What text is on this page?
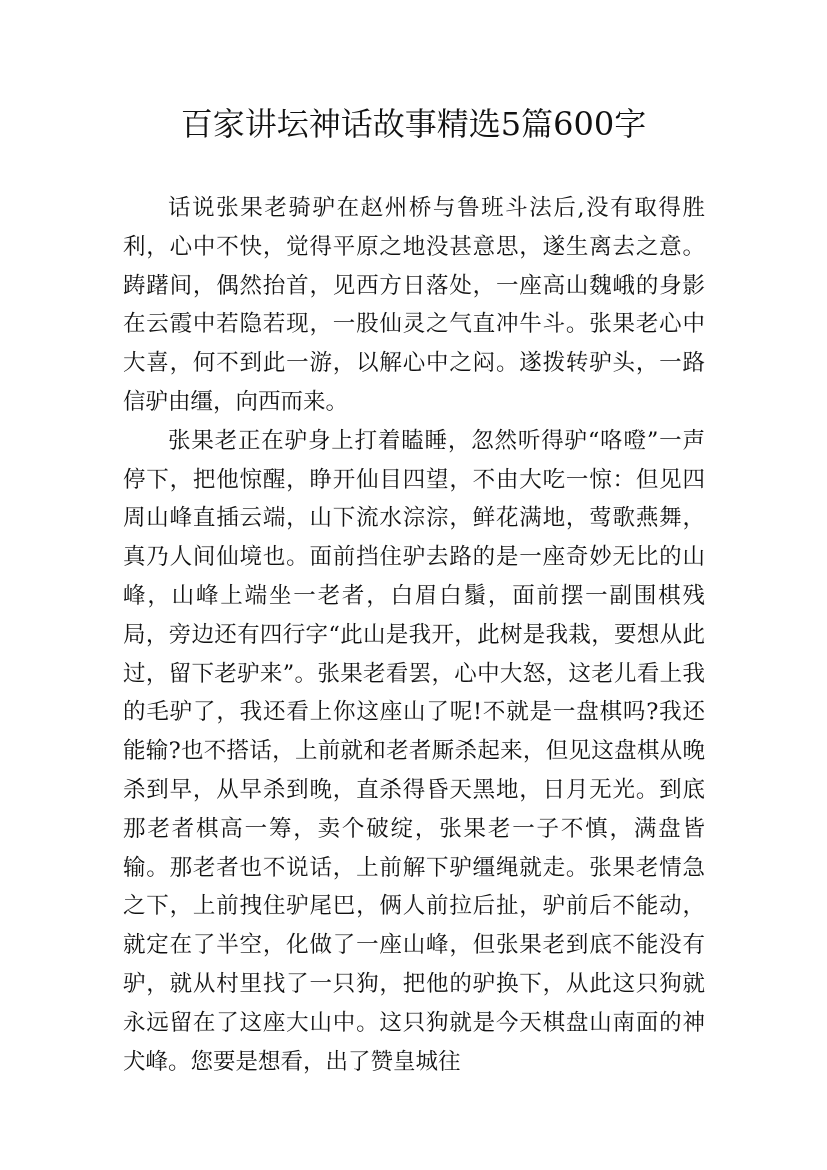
百家讲坛神话故事精选5篇600字

话说张果老骑驴在赵州桥与鲁班斗法后,没有取得胜利，心中不快，觉得平原之地没甚意思，遂生离去之意。踌躇间，偶然抬首，见西方日落处，一座高山魏峨的身影在云霞中若隐若现，一股仙灵之气直冲牛斗。张果老心中大喜，何不到此一游，以解心中之闷。遂拨转驴头，一路信驴由缰，向西而来。

张果老正在驴身上打着瞌睡，忽然听得驴“咯噔”一声停下，把他惊醒，睁开仙目四望，不由大吃一惊：但见四周山峰直插云端，山下流水淙淙，鲜花满地，莺歌燕舞，真乃人间仙境也。面前挡住驴去路的是一座奇妙无比的山峰，山峰上端坐一老者，白眉白鬚，面前摆一副围棋残局，旁边还有四行字“此山是我开，此树是我栽，要想从此过，留下老驴来”。张果老看罢，心中大怒，这老儿看上我的毛驴了，我还看上你这座山了呢!不就是一盘棋吗?我还能输?也不搭话，上前就和老者厮杀起来，但见这盘棋从晚杀到早，从早杀到晚，直杀得昏天黑地，日月无光。到底那老者棋高一筹，卖个破绽，张果老一子不慎，满盘皆输。那老者也不说话，上前解下驴缰绳就走。张果老情急之下，上前拽住驴尾巴，俩人前拉后扯，驴前后不能动，就定在了半空，化做了一座山峰，但张果老到底不能没有驴，就从村里找了一只狗，把他的驴换下，从此这只狗就永远留在了这座大山中。这只狗就是今天棋盘山南面的神犬峰。您要是想看，出了赞皇城往
